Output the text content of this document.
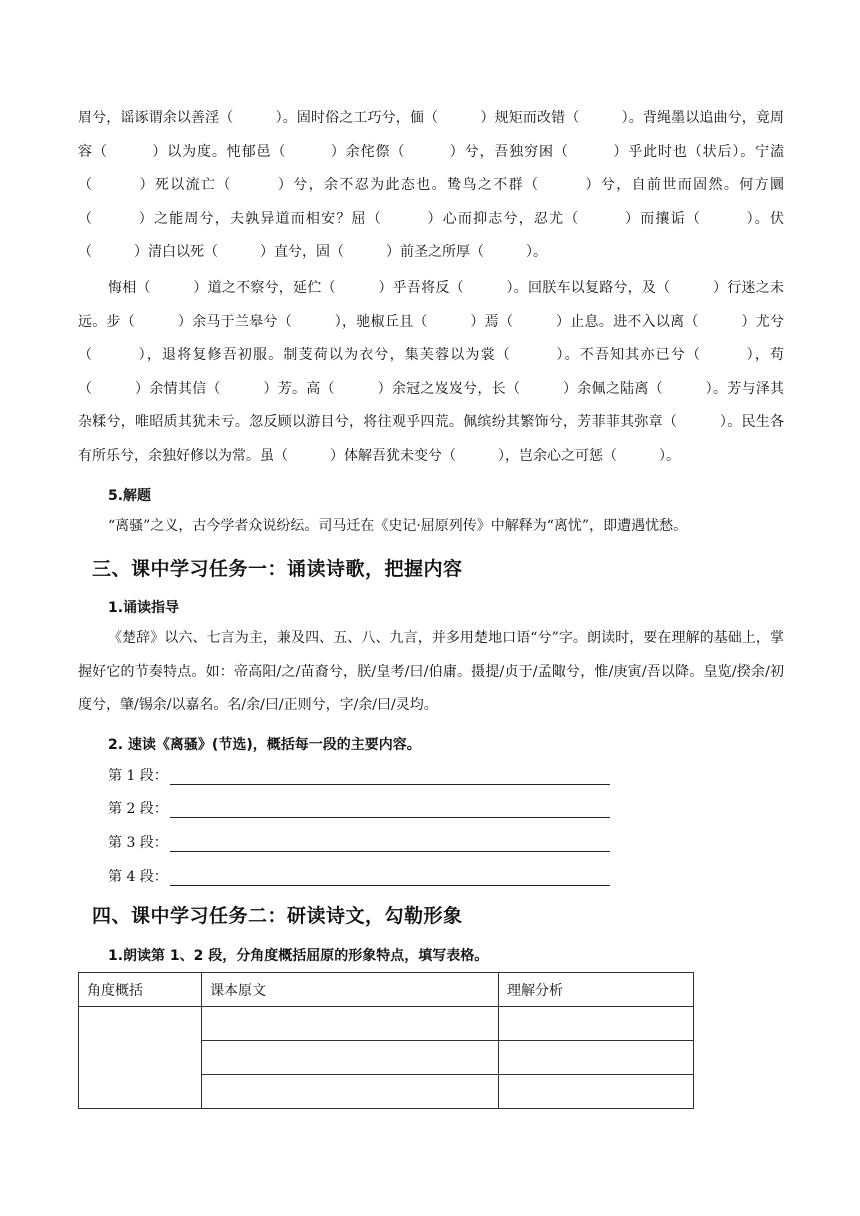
眉兮，谣诼谓余以善淫（　　　）。固时俗之工巧兮，偭（　　　）规矩而改错（　　　）。背绳墨以追曲兮，竟周容（　　　）以为度。忳郁邑（　　　）余侘傺（　　　）兮，吾独穷困（　　　）乎此时也（状后）。宁溘（　　　）死以流亡（　　　）兮，余不忍为此态也。鸷鸟之不群（　　　）兮，自前世而固然。何方圜（　　　）之能周兮，夫孰异道而相安？屈（　　　）心而抑志兮，忍尤（　　　）而攘诟（　　　）。伏（　　　）清白以死（　　　）直兮，固（　　　）前圣之所厚（　　　）。

悔相（　　　）道之不察兮，延伫（　　　）乎吾将反（　　　）。回朕车以复路兮，及（　　　）行迷之未远。步（　　　）余马于兰皋兮（　　　），驰椒丘且（　　　）焉（　　　）止息。进不入以离（　　　）尤兮（　　　），退将复修吾初服。制芰荷以为衣兮，集芙蓉以为裳（　　　）。不吾知其亦已兮（　　　），苟（　　　）余情其信（　　　）芳。高（　　　）余冠之岌岌兮，长（　　　）余佩之陆离（　　　）。芳与泽其杂糅兮，唯昭质其犹未亏。忽反顾以游目兮，将往观乎四荒。佩缤纷其繁饰兮，芳菲菲其弥章（　　　）。民生各有所乐兮，余独好修以为常。虽（　　　）体解吾犹未变兮（　　　），岂余心之可惩（　　　）。

5.解题

“离骚”之义，古今学者众说纷纭。司马迁在《史记·屈原列传》中解释为“离忧”，即遭遇忧愁。

三、课中学习任务一：诵读诗歌，把握内容

1.诵读指导

《楚辞》以六、七言为主，兼及四、五、八、九言，并多用楚地口语“兮”字。朗读时，要在理解的基础上，掌握好它的节奏特点。如：帝高阳/之/苗裔兮，朕/皇考/曰/伯庸。摄提/贞于/孟陬兮，惟/庚寅/吾以降。皇览/揆余/初度兮，肇/锡余/以嘉名。名/余/曰/正则兮，字/余/曰/灵均。

2. 速读《离骚》(节选)，概括每一段的主要内容。

第 1 段：
第 2 段：
第 3 段：
第 4 段：
四、课中学习任务二：研读诗文，勾勒形象

1.朗读第 1、2 段，分角度概括屈原的形象特点，填写表格。

角度概括	课本原文	理解分析
